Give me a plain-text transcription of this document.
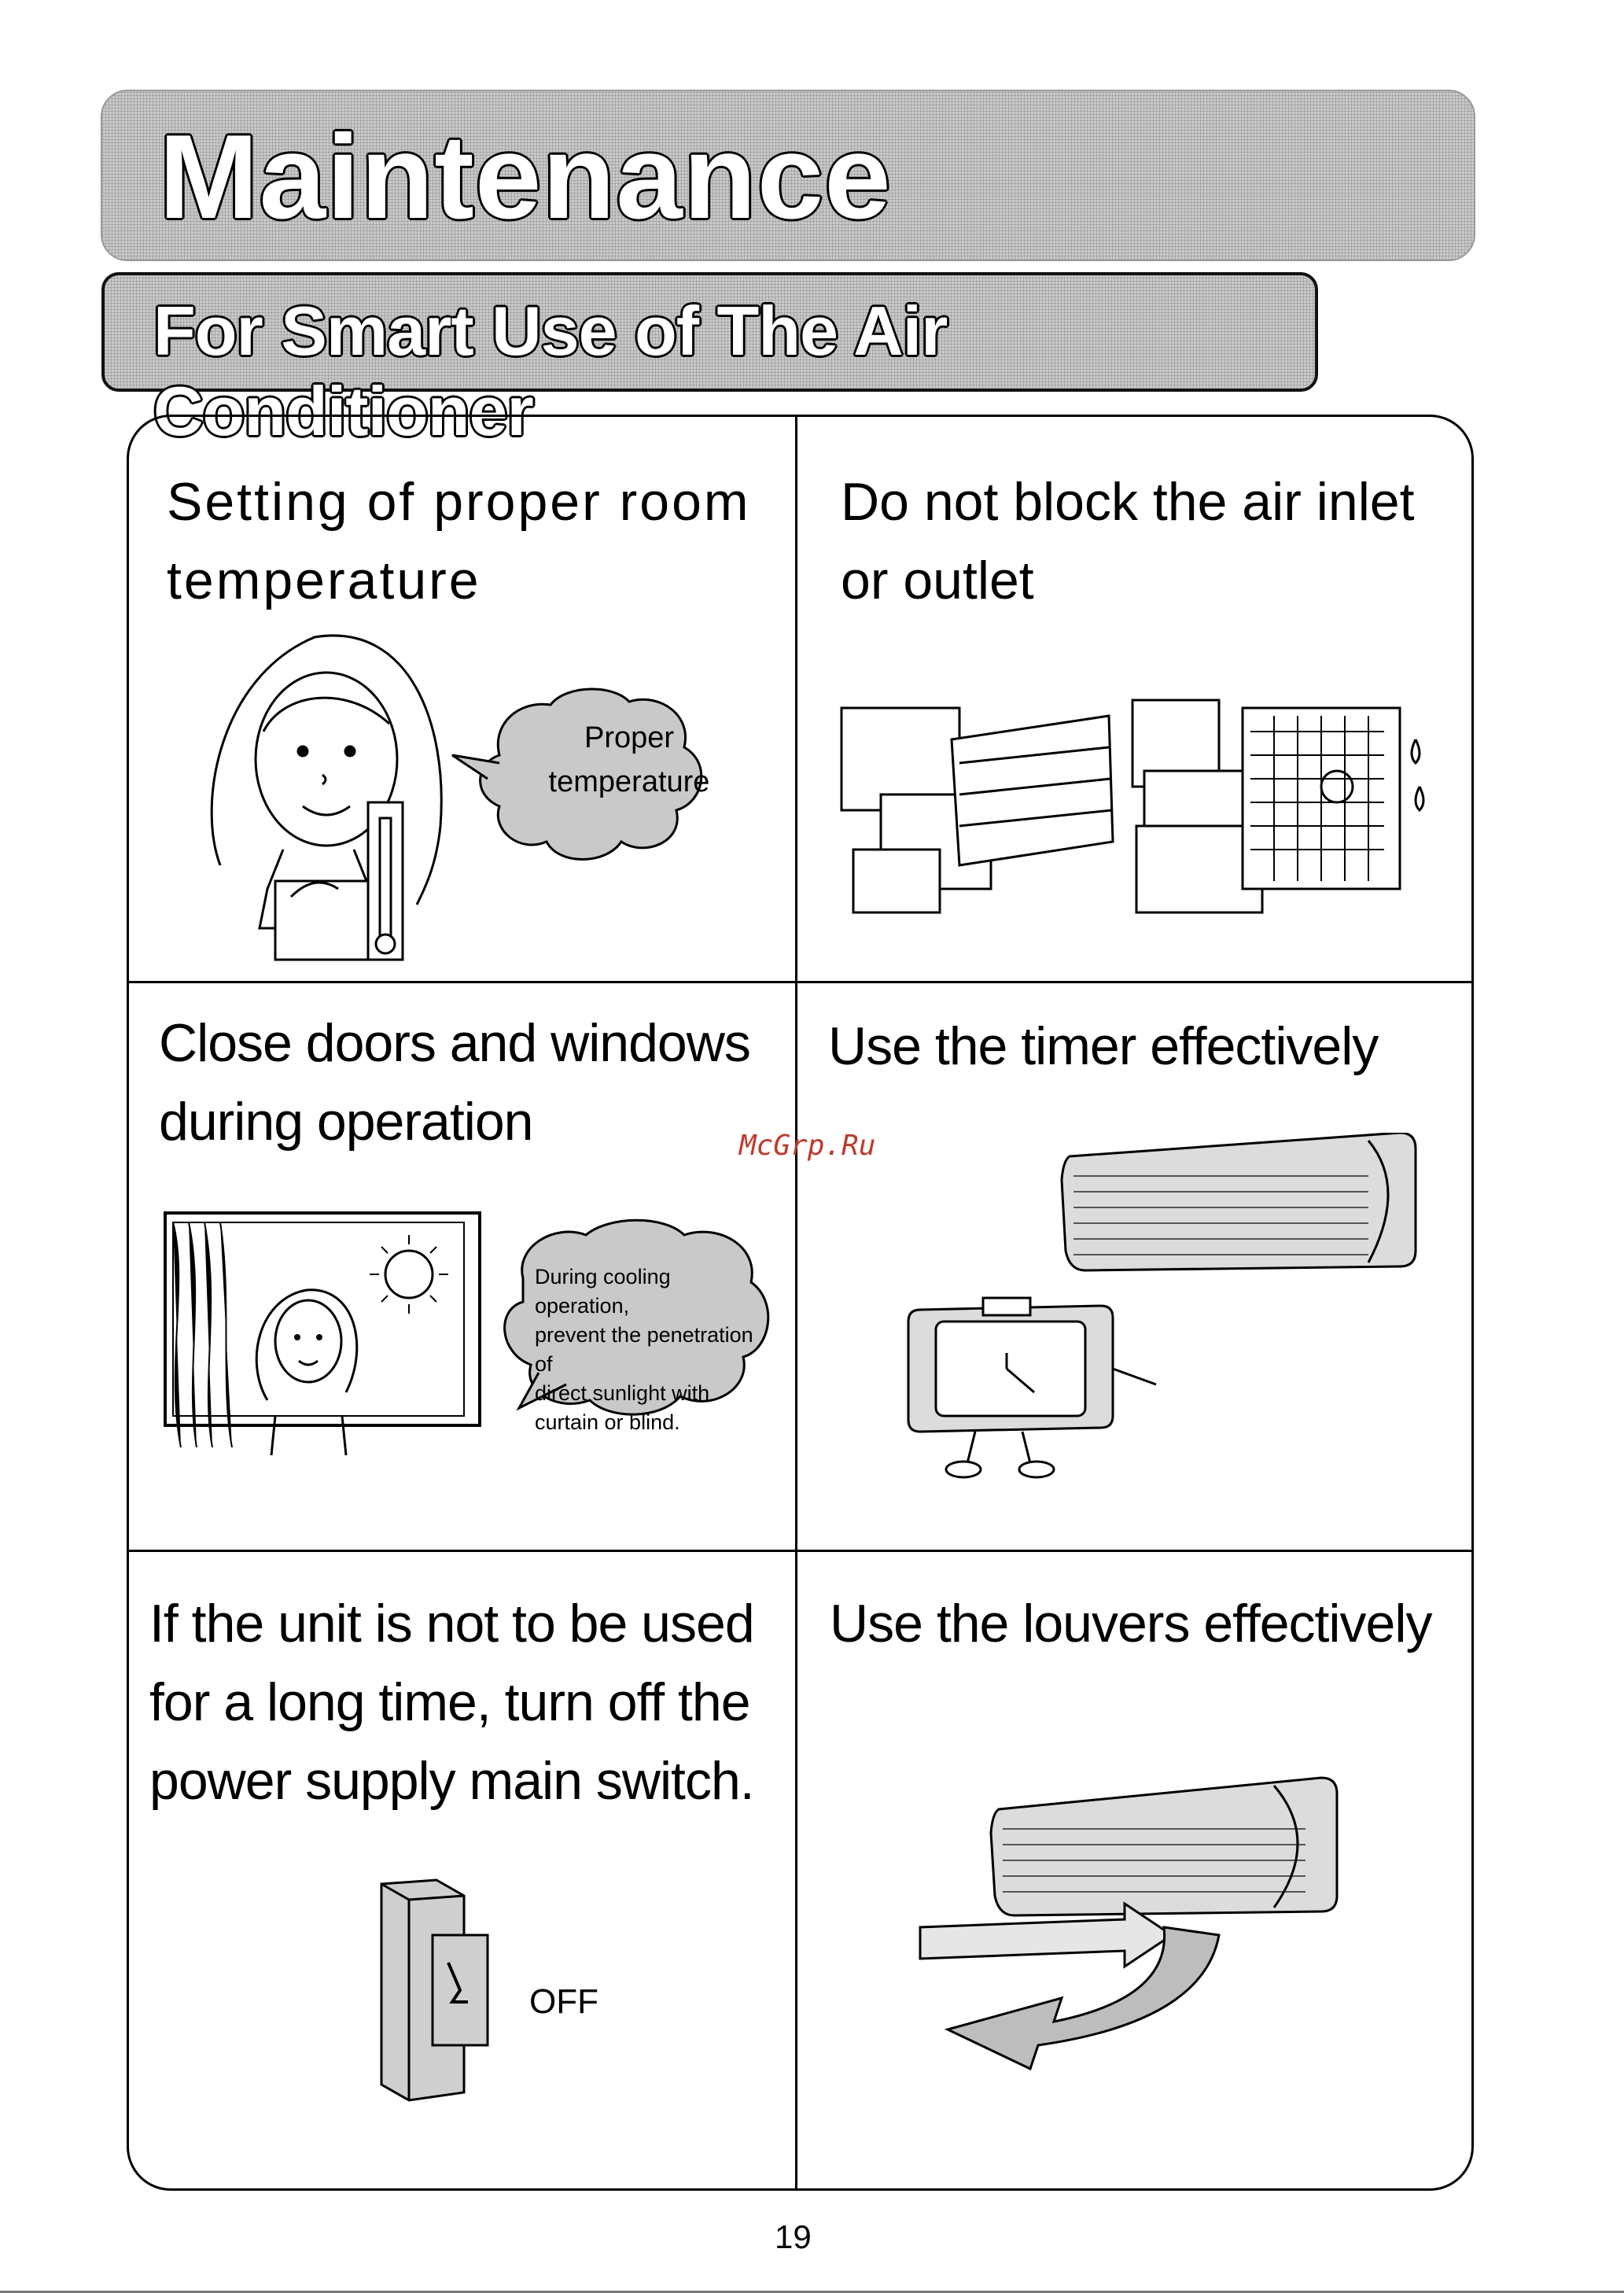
Maintenance
For Smart Use of The Air Conditioner
Setting of proper room
temperature
Do not block the air inlet
or outlet
Close doors and windows
during operation
Use the timer effectively
If the unit is not to be used
for a long time, turn off the
power supply main switch.
Use the louvers effectively
Proper
temperature
During cooling operation,
prevent the penetration of
direct sunlight with
curtain or blind.
OFF
McGrp.Ru
19
